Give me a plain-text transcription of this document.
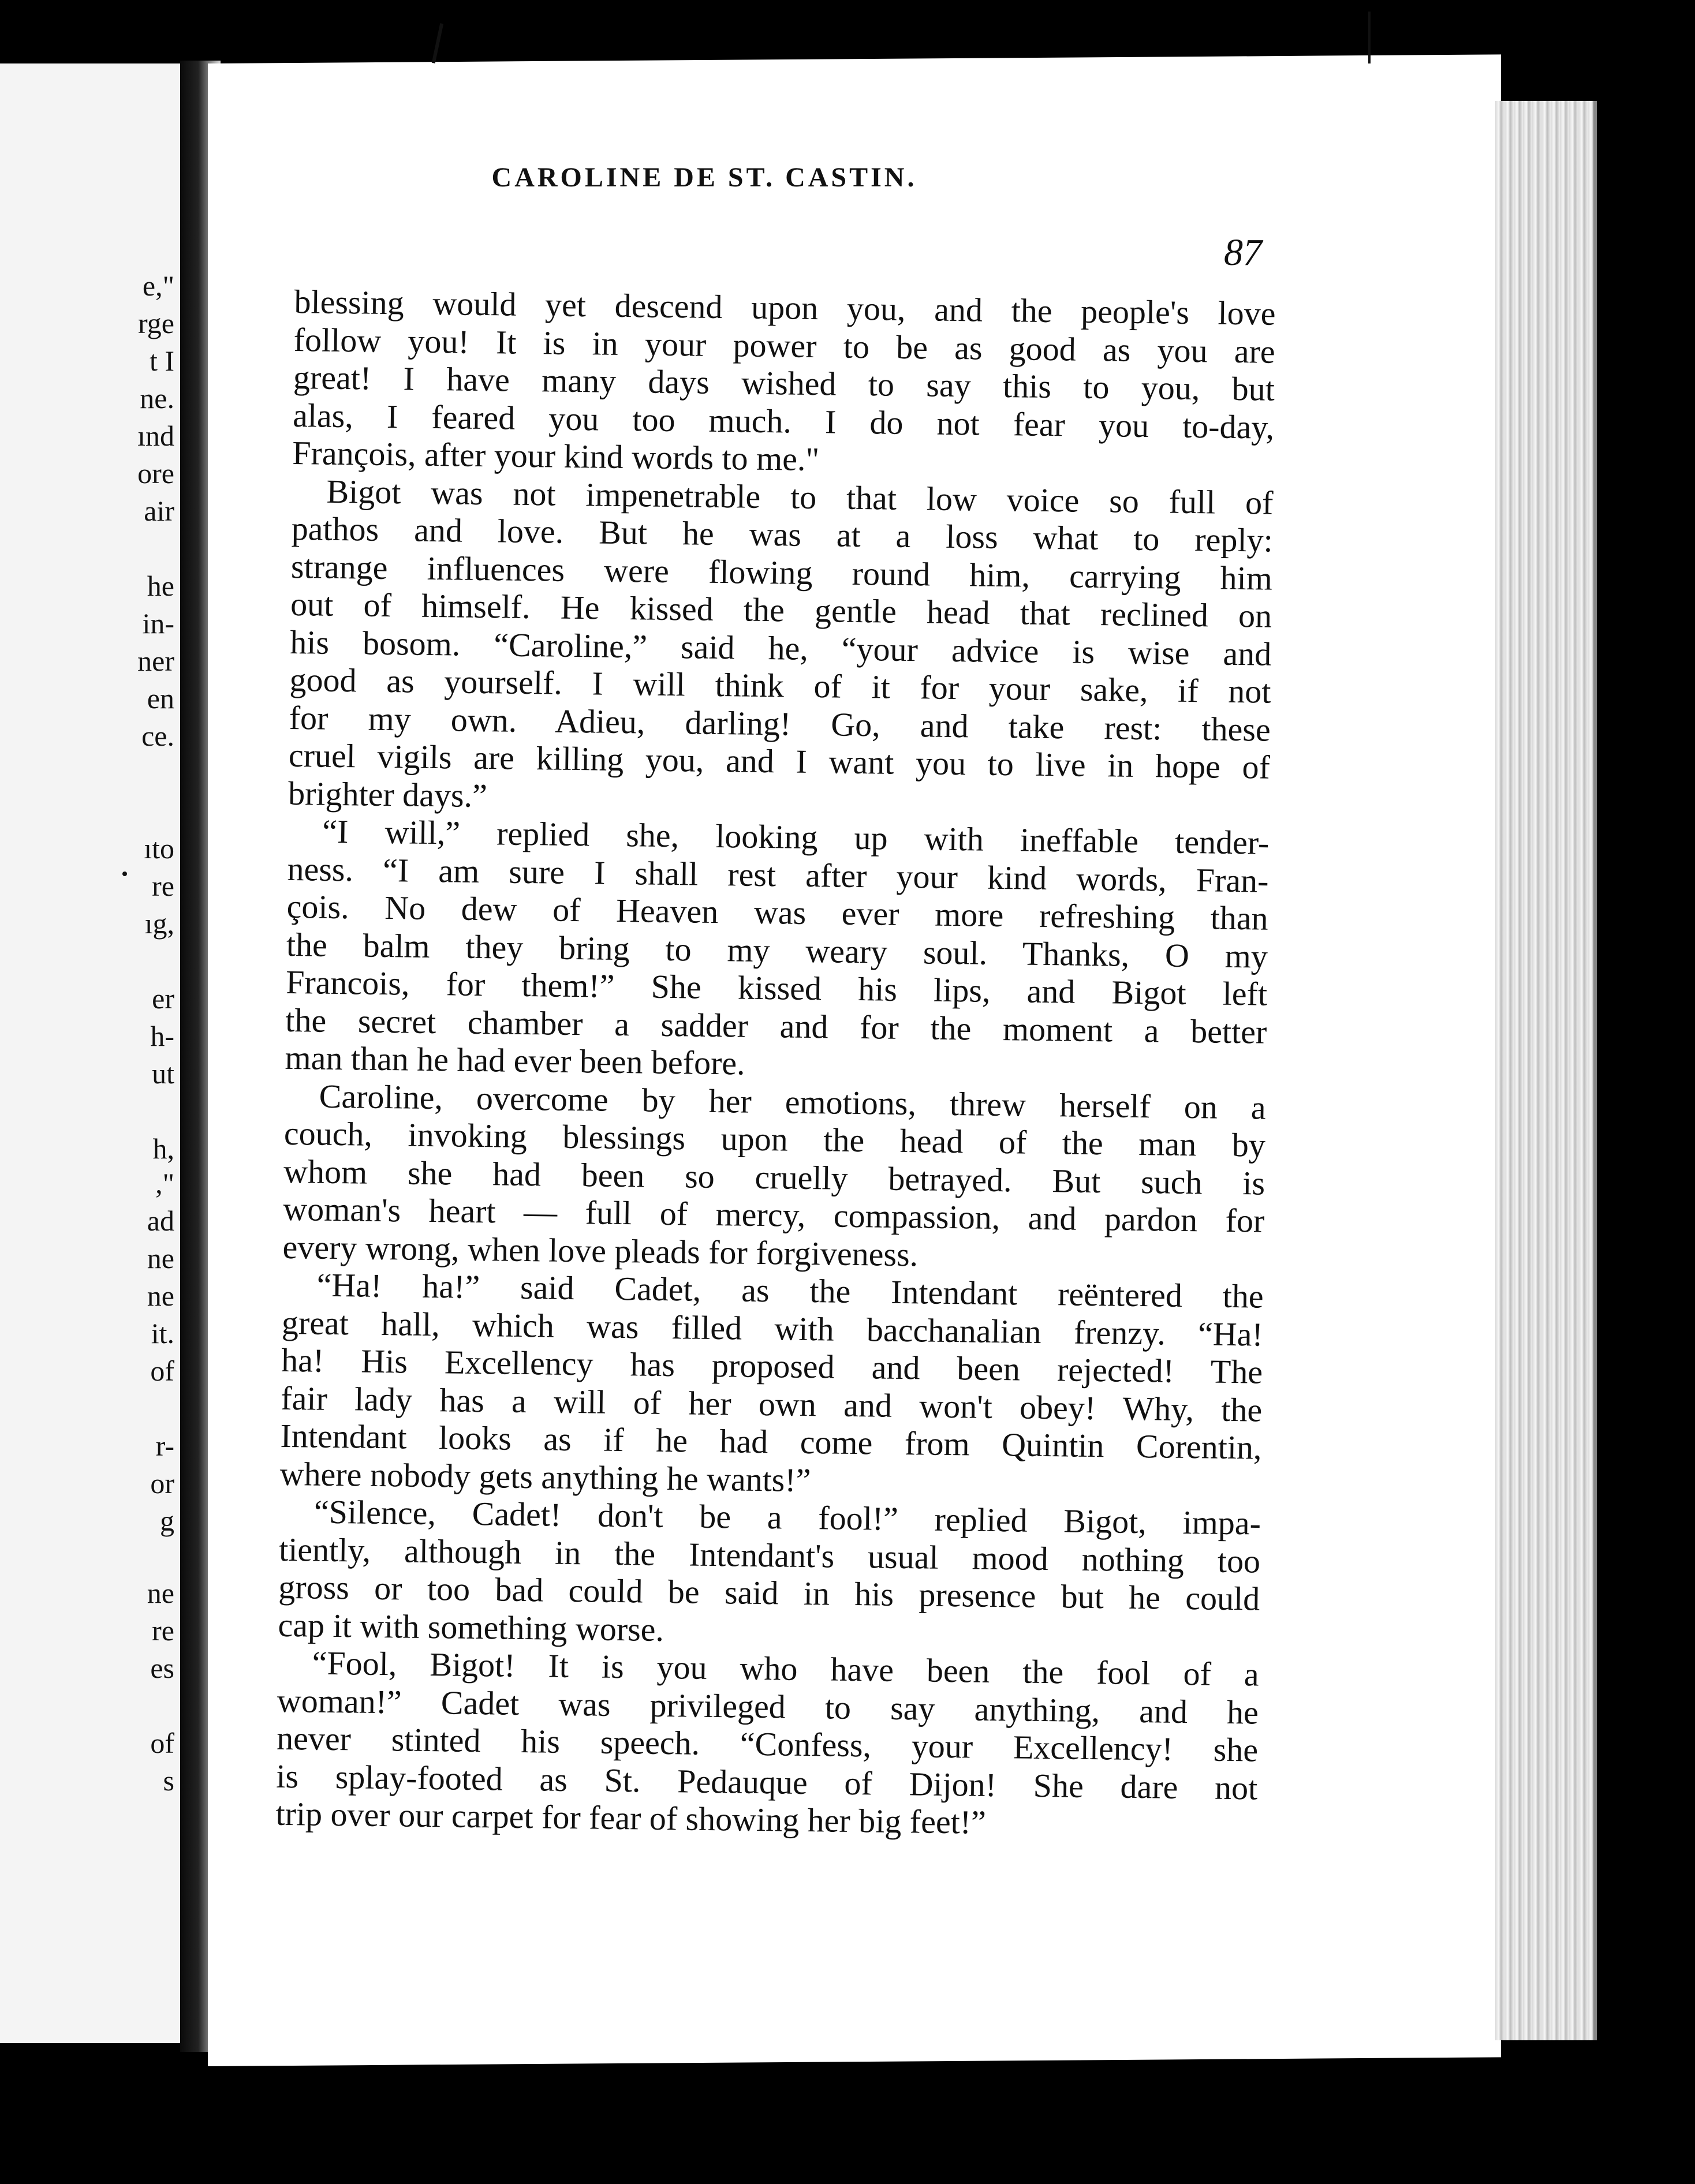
e,"
rge
t I
ne.
ınd
ore
air
he
in-
ner
en
ce.
ıto
re
ıg,
er
h-
ut
h,
,"
ad
ne
ne
it.
of
r-
or
g
ne
re
es
of
s
CAROLINE DE ST. CASTIN.
87
blessing would yet descend upon you, and the people's love
follow you! It is in your power to be as good as you are
great! I have many days wished to say this to you, but
alas, I feared you too much. I do not fear you to-day,
François, after your kind words to me."
Bigot was not impenetrable to that low voice so full of
pathos and love. But he was at a loss what to reply:
strange influences were flowing round him, carrying him
out of himself. He kissed the gentle head that reclined on
his bosom. “Caroline,” said he, “your advice is wise and
good as yourself. I will think of it for your sake, if not
for my own. Adieu, darling! Go, and take rest: these
cruel vigils are killing you, and I want you to live in hope of
brighter days.”
“I will,” replied she, looking up with ineffable tender-
ness. “I am sure I shall rest after your kind words, Fran-
çois. No dew of Heaven was ever more refreshing than
the balm they bring to my weary soul. Thanks, O my
Francois, for them!” She kissed his lips, and Bigot left
the secret chamber a sadder and for the moment a better
man than he had ever been before.
Caroline, overcome by her emotions, threw herself on a
couch, invoking blessings upon the head of the man by
whom she had been so cruelly betrayed. But such is
woman's heart — full of mercy, compassion, and pardon for
every wrong, when love pleads for forgiveness.
“Ha! ha!” said Cadet, as the Intendant reëntered the
great hall, which was filled with bacchanalian frenzy. “Ha!
ha! His Excellency has proposed and been rejected! The
fair lady has a will of her own and won't obey! Why, the
Intendant looks as if he had come from Quintin Corentin,
where nobody gets anything he wants!”
“Silence, Cadet! don't be a fool!” replied Bigot, impa-
tiently, although in the Intendant's usual mood nothing too
gross or too bad could be said in his presence but he could
cap it with something worse.
“Fool, Bigot! It is you who have been the fool of a
woman!” Cadet was privileged to say anything, and he
never stinted his speech. “Confess, your Excellency! she
is splay-footed as St. Pedauque of Dijon! She dare not
trip over our carpet for fear of showing her big feet!”
